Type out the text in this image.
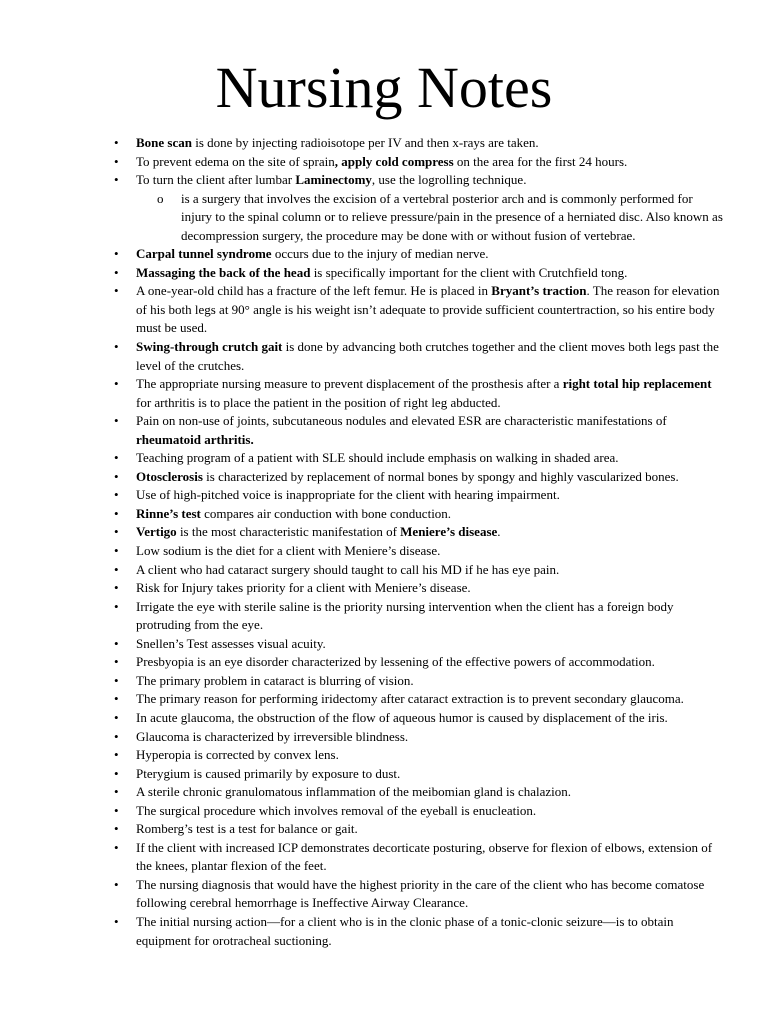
Nursing Notes
• Bone scan is done by injecting radioisotope per IV and then x-rays are taken.
• To prevent edema on the site of sprain, apply cold compress on the area for the first 24 hours.
• To turn the client after lumbar Laminectomy, use the logrolling technique.
o is a surgery that involves the excision of a vertebral posterior arch and is commonly performed for injury to the spinal column or to relieve pressure/pain in the presence of a herniated disc. Also known as decompression surgery, the procedure may be done with or without fusion of vertebrae.
• Carpal tunnel syndrome occurs due to the injury of median nerve.
• Massaging the back of the head is specifically important for the client with Crutchfield tong.
• A one-year-old child has a fracture of the left femur. He is placed in Bryant’s traction. The reason for elevation of his both legs at 90° angle is his weight isn’t adequate to provide sufficient countertraction, so his entire body must be used.
• Swing-through crutch gait is done by advancing both crutches together and the client moves both legs past the level of the crutches.
• The appropriate nursing measure to prevent displacement of the prosthesis after a right total hip replacement for arthritis is to place the patient in the position of right leg abducted.
• Pain on non-use of joints, subcutaneous nodules and elevated ESR are characteristic manifestations of rheumatoid arthritis.
• Teaching program of a patient with SLE should include emphasis on walking in shaded area.
• Otosclerosis is characterized by replacement of normal bones by spongy and highly vascularized bones.
• Use of high-pitched voice is inappropriate for the client with hearing impairment.
• Rinne’s test compares air conduction with bone conduction.
• Vertigo is the most characteristic manifestation of Meniere’s disease.
• Low sodium is the diet for a client with Meniere’s disease.
• A client who had cataract surgery should taught to call his MD if he has eye pain.
• Risk for Injury takes priority for a client with Meniere’s disease.
• Irrigate the eye with sterile saline is the priority nursing intervention when the client has a foreign body protruding from the eye.
• Snellen’s Test assesses visual acuity.
• Presbyopia is an eye disorder characterized by lessening of the effective powers of accommodation.
• The primary problem in cataract is blurring of vision.
• The primary reason for performing iridectomy after cataract extraction is to prevent secondary glaucoma.
• In acute glaucoma, the obstruction of the flow of aqueous humor is caused by displacement of the iris.
• Glaucoma is characterized by irreversible blindness.
• Hyperopia is corrected by convex lens.
• Pterygium is caused primarily by exposure to dust.
• A sterile chronic granulomatous inflammation of the meibomian gland is chalazion.
• The surgical procedure which involves removal of the eyeball is enucleation.
• Romberg’s test is a test for balance or gait.
• If the client with increased ICP demonstrates decorticate posturing, observe for flexion of elbows, extension of the knees, plantar flexion of the feet.
• The nursing diagnosis that would have the highest priority in the care of the client who has become comatose following cerebral hemorrhage is Ineffective Airway Clearance.
• The initial nursing action—for a client who is in the clonic phase of a tonic-clonic seizure—is to obtain equipment for orotracheal suctioning.
